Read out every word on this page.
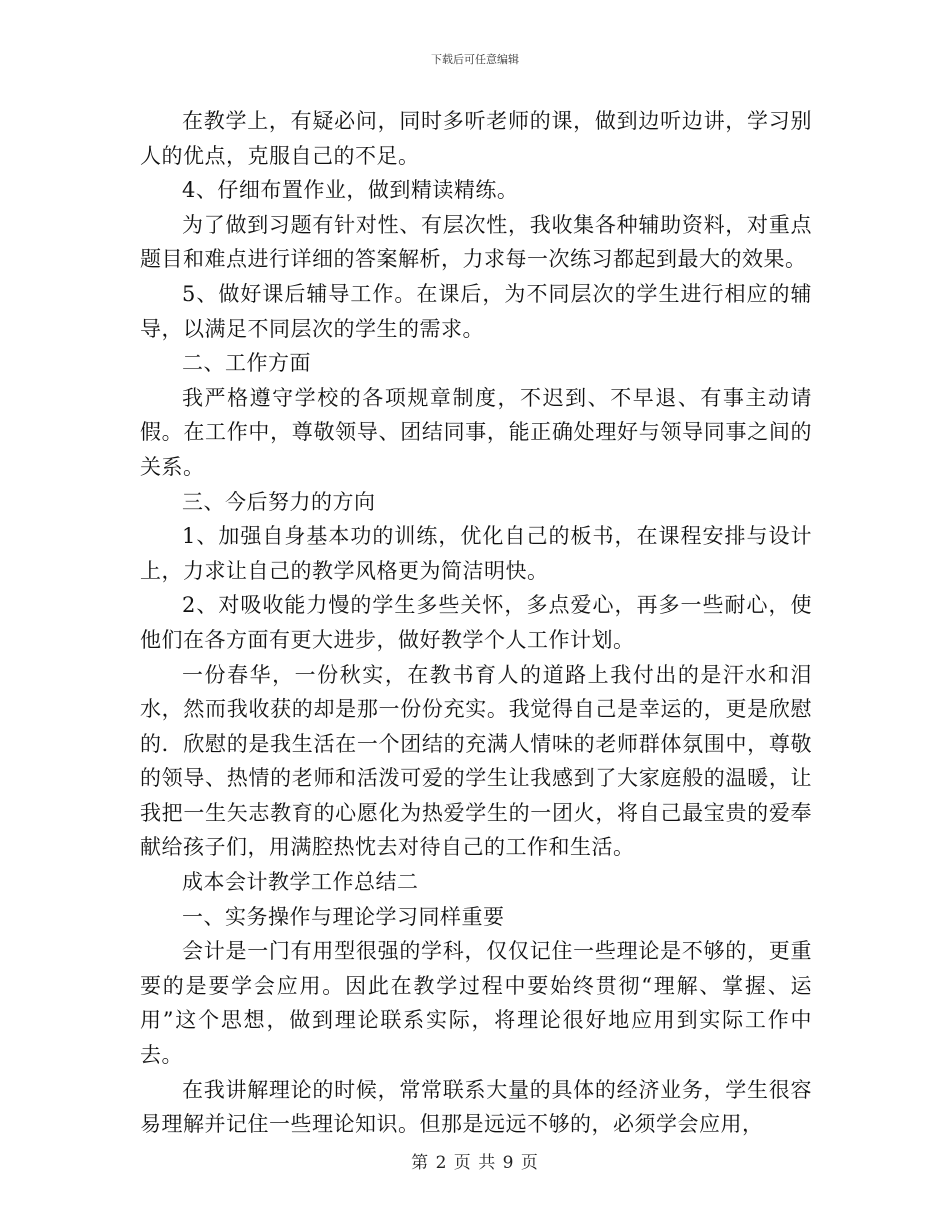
下载后可任意编辑

在教学上，有疑必问，同时多听老师的课，做到边听边讲，学习别人的优点，克服自己的不足。

4、仔细布置作业，做到精读精练。

为了做到习题有针对性、有层次性，我收集各种辅助资料，对重点题目和难点进行详细的答案解析，力求每一次练习都起到最大的效果。

5、做好课后辅导工作。在课后，为不同层次的学生进行相应的辅导，以满足不同层次的学生的需求。

二、工作方面

我严格遵守学校的各项规章制度，不迟到、不早退、有事主动请假。在工作中，尊敬领导、团结同事，能正确处理好与领导同事之间的关系。

三、今后努力的方向

1、加强自身基本功的训练，优化自己的板书，在课程安排与设计上，力求让自己的教学风格更为简洁明快。

2、对吸收能力慢的学生多些关怀，多点爱心，再多一些耐心，使他们在各方面有更大进步，做好教学个人工作计划。

一份春华，一份秋实，在教书育人的道路上我付出的是汗水和泪水，然而我收获的却是那一份份充实。我觉得自己是幸运的，更是欣慰的．欣慰的是我生活在一个团结的充满人情味的老师群体氛围中，尊敬的领导、热情的老师和活泼可爱的学生让我感到了大家庭般的温暖，让我把一生矢志教育的心愿化为热爱学生的一团火，将自己最宝贵的爱奉献给孩子们，用满腔热忱去对待自己的工作和生活。

成本会计教学工作总结二

一、实务操作与理论学习同样重要

会计是一门有用型很强的学科，仅仅记住一些理论是不够的，更重要的是要学会应用。因此在教学过程中要始终贯彻“理解、掌握、运用”这个思想，做到理论联系实际，将理论很好地应用到实际工作中去。

在我讲解理论的时候，常常联系大量的具体的经济业务，学生很容易理解并记住一些理论知识。但那是远远不够的，必须学会应用，

第 2 页 共 9 页
